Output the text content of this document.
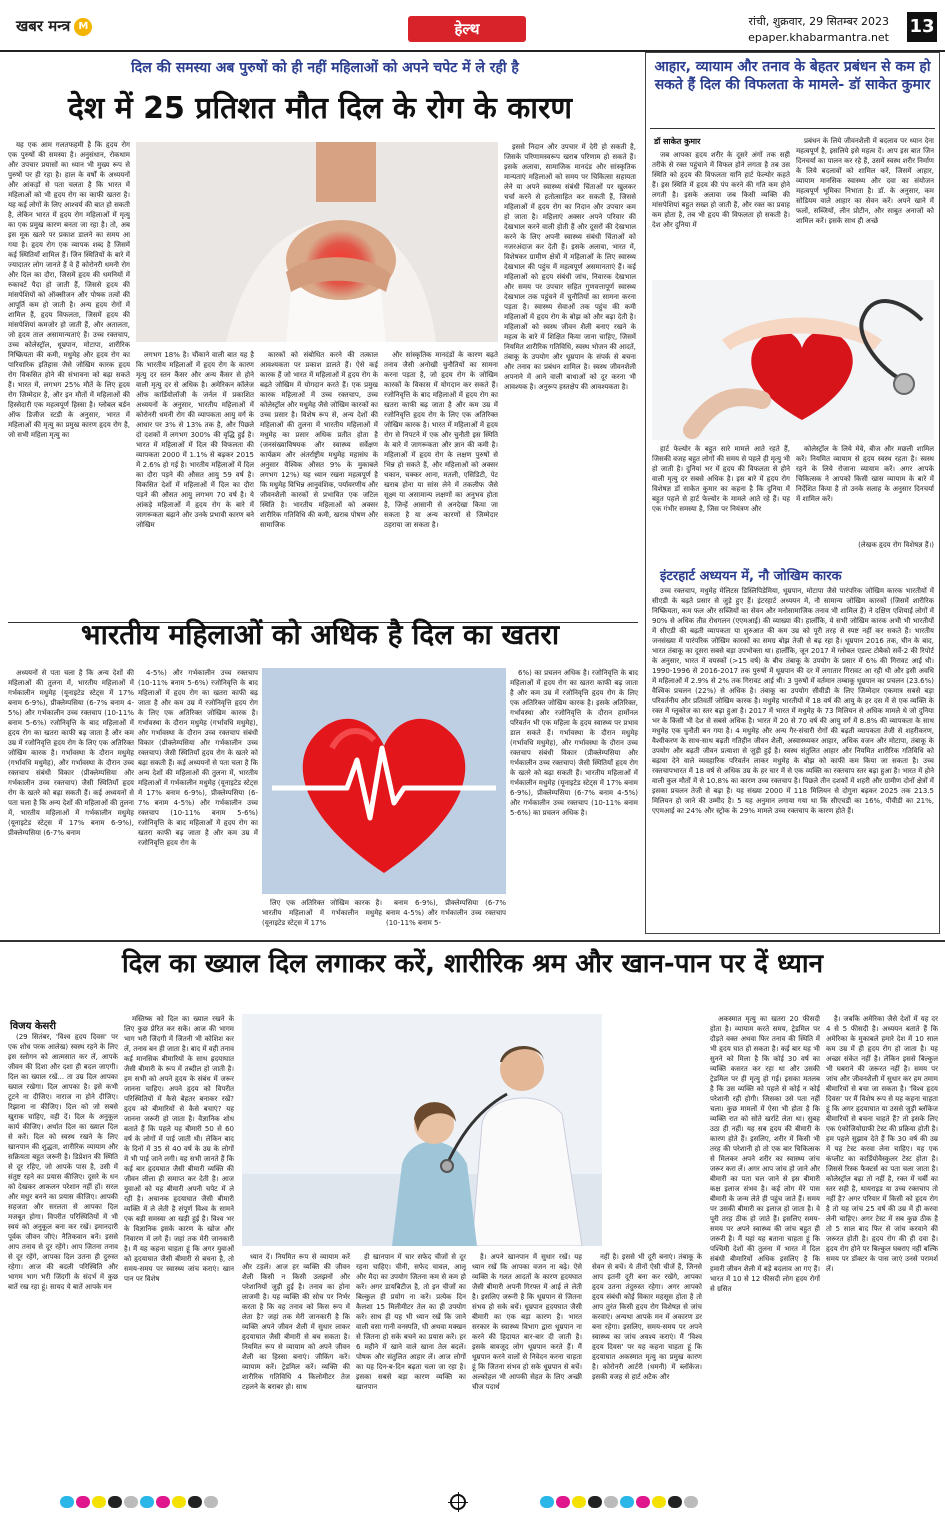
खबर मन्त्र M	हेल्थ	रांची, शुक्रवार, 29 सितम्बर 2023
epaper.khabarmantra.net
13
दिल की समस्या अब पुरुषों को ही नहीं महिलाओं को अपने चपेट में ले रही है
देश में 25 प्रतिशत मौत दिल के रोग के कारण

यह एक आम गलतफहमी है कि हृदय रोग एक पुरुषों की समस्या है। अनुसंधान, रोकथाम और उपचार प्रयासों का ध्यान भी मुख्य रूप से पुरुषों पर ही रहा है। हाल के वर्षों के अध्ययनों और आंकड़ों से पता चलता है कि भारत में महिलाओं को भी हृदय रोग का काफी खतरा है। यह कई लोगों के लिए आश्चर्य की बात हो सकती है, लेकिन भारत में हृदय रोग महिलाओं में मृत्यु का एक प्रमुख कारण बनता जा रहा है। तो, अब इस मूक खतरे पर प्रकाश डालने का समय आ गया है। हृदय रोग एक व्यापक शब्द है जिसमें कई स्थितियाँ शामिल हैं। जिन स्थितियों के बारे में ज्यादातर लोग जानते हैं वे हैं कोरोनरी धमनी रोग और दिल का दौरा, जिसमें हृदय की धमनियों में रुकावटें पैदा हो जाती हैं, जिससे हृदय की मांसपेशियों को ऑक्सीजन और पोषक तत्वों की आपूर्ति कम हो जाती है। अन्य हृदय रोगों में शामिल हैं, हृदय विफलता, जिसमें हृदय की मांसपेशियां कमजोर हो जाती हैं, और अतालता, जो हृदय ताल असामान्यताएं हैं। उच्च रक्तचाप, उच्च कोलेस्ट्रॉल, धूम्रपान, मोटापा, शारीरिक निष्क्रियता की कमी, मधुमेह और हृदय रोग का पारिवारिक इतिहास जैसे जोखिम कारक हृदय रोग विकसित होने की संभावना को बढ़ा सकते हैं। भारत में, लगभग 25% मौतें के लिए हृदय रोग जिम्मेदार है, और इन मौतों में महिलाओं की हिस्सेदारी एक महत्वपूर्ण हिस्सा है। ग्लोबल बर्डन ऑफ डिजीज स्टडी के अनुसार, भारत में महिलाओं की मृत्यु का प्रमुख कारण हृदय रोग है, जो सभी महिला मृत्यु का

लगभग 18% है। चौंकाने वाली बात यह है कि भारतीय महिलाओं में हृदय रोग के कारण मृत्यु दर स्तन कैंसर और अन्य कैंसर से होने वाली मृत्यु दर से अधिक है। अमेरिकन कॉलेज ऑफ कार्डियोलॉजी के जर्नल में प्रकाशित अध्ययनों के अनुसार, भारतीय महिलाओं में कोरोनरी धमनी रोग की व्यापकता आयु वर्ग के आधार पर 3% से 13% तक है, और पिछले दो दशकों में लगभग 300% की वृद्धि हुई है। भारत में महिलाओं में दिल की विफलता की व्यापकता 2000 में 1.1% से बढ़कर 2015 में 2.6% हो गई है। भारतीय महिलाओं में दिल का दौरा पड़ने की औसत आयु 59 वर्ष है। विकसित देशों में महिलाओं में दिल का दौरा पड़ने की औसत आयु लगभग 70 वर्ष है। ये आंकड़े महिलाओं में हृदय रोग के बारे में जागरूकता बढ़ाने और उनके प्रभावी कारण बने जोखिम

कारकों को संबोधित करने की तत्काल आवश्यकता पर प्रकाश डालते हैं। ऐसे कई कारक हैं जो भारत में महिलाओं में हृदय रोग के बढ़ते जोखिम में योगदान करते हैं। एक प्रमुख कारक महिलाओं में उच्च रक्तचाप, उच्च कोलेस्ट्रॉल और मधुमेह जैसे जोखिम कारकों का उच्च प्रसार है। विशेष रूप से, अन्य देशों की महिलाओं की तुलना में भारतीय महिलाओं में मधुमेह का प्रसार अधिक प्रतीत होता है (जनसंख्याविषयक और स्वास्थ्य सर्वेक्षण कार्यक्रम और अंतर्राष्ट्रीय मधुमेह महासंघ के अनुसार वैश्विक औसत 9% के मुकाबले लगभग 12%) यह ध्यान रखना महत्वपूर्ण है कि मधुमेह विभिन्न आनुवंशिक, पर्यावरणीय और जीवनशैली कारकों से प्रभावित एक जटिल स्थिति है। भारतीय महिलाओं को अक्सर शारीरिक गतिविधि की कमी, खराब पोषण और सामाजिक

और सांस्कृतिक मानदंडों के कारण बढ़ते तनाव जैसी अनोखी चुनौतियों का सामना करना पड़ता है, जो हृदय रोग के जोखिम कारकों के विकास में योगदान कर सकते हैं। रजोनिवृत्ति के बाद महिलाओं में हृदय रोग का खतरा काफी बढ़ जाता है और कम उम्र में रजोनिवृत्ति हृदय रोग के लिए एक अतिरिक्त जोखिम कारक है। भारत में महिलाओं में हृदय रोग से निपटने में एक और चुनौती इस स्थिति के बारे में जागरूकता और ज्ञान की कमी है। महिलाओं में हृदय रोग के लक्षण पुरुषों से भिन्न हो सकते हैं, और महिलाओं को अक्सर थकान, चक्कर आना, मतली, एसिडिटी, पेट खराब होना या सांस लेने में तकलीफ जैसे सूक्ष्म या असामान्य लक्षणों का अनुभव होता है, जिन्हें आसानी से अनदेखा किया जा सकता है या अन्य कारणों से जिम्मेदार ठहराया जा सकता है।

इससे निदान और उपचार में देरी हो सकती है, जिसके परिणामस्वरूप खराब परिणाम हो सकते हैं। इसके अलावा, सामाजिक मानदंड और सांस्कृतिक मान्यताएं महिलाओं को समय पर चिकित्सा सहायता लेने या अपने स्वास्थ्य संबंधी चिंताओं पर खुलकर चर्चा करने से हतोत्साहित कर सकती हैं, जिससे महिलाओं में हृदय रोग का निदान और उपचार कम हो जाता है। महिलाएं अक्सर अपने परिवार की देखभाल करने वाली होती हैं और दूसरों की देखभाल करने के लिए अपनी स्वास्थ्य संबंधी चिंताओं को नजरअंदाज कर देती हैं। इसके अलावा, भारत में, विशेषकर ग्रामीण क्षेत्रों में महिलाओं के लिए स्वास्थ्य देखभाल की पहुंच में महत्वपूर्ण असमानताएं हैं। कई महिलाओं को हृदय संबंधी जांच, निवारक देखभाल और समय पर उपचार सहित गुणवत्तापूर्ण स्वास्थ्य देखभाल तक पहुंचने में चुनौतियों का सामना करना पड़ता है। स्वास्थ्य सेवाओं तक पहुंच की कमी महिलाओं में हृदय रोग के बोझ को और बढ़ा देती है। महिलाओं को स्वस्थ जीवन शैली बनाए रखने के महत्व के बारे में शिक्षित किया जाना चाहिए, जिसमें नियमित शारीरिक गतिविधि, स्वस्थ भोजन की आदतें, तंबाकू के उपयोग और धूम्रपान के संपर्क से बचना और तनाव का प्रबंधन शामिल है। स्वस्थ जीवनशैली अपनाने में आने वाली बाधाओं को दूर करना भी आवश्यक है। अनुरूप हस्तक्षेप की आवश्यकता है।

भारतीय महिलाओं को अधिक है दिल का खतरा

अध्ययनों से पता चला है कि अन्य देशों की महिलाओं की तुलना में, भारतीय महिलाओं में गर्भकालीन मधुमेह (यूनाइटेड स्टेट्स में 17% बनाम 6-9%), प्रीक्लेम्पसिया (6-7% बनाम 4-5%) और गर्भकालीन उच्च रक्तचाप (10-11% बनाम 5-6%) रजोनिवृत्ति के बाद महिलाओं में हृदय रोग का खतरा काफी बढ़ जाता है और कम उम्र में रजोनिवृत्ति हृदय रोग के लिए एक अतिरिक्त जोखिम कारक है। गर्भावस्था के दौरान मधुमेह (गर्भावधि मधुमेह), और गर्भावस्था के दौरान उच्च रक्तचाप संबंधी विकार (प्रीक्लेम्पसिया और गर्भकालीन उच्च रक्तचाप) जैसी स्थितियाँ हृदय रोग के खतरे को बढ़ा सकती हैं। कई अध्ययनों से पता चला है कि अन्य देशों की महिलाओं की तुलना में, भारतीय महिलाओं में गर्भकालीन मधुमेह (यूनाइटेड स्टेट्स में 17% बनाम 6-9%), प्रीक्लेम्पसिया (6-7% बनाम

4-5%) और गर्भकालीन उच्च रक्तचाप (10-11% बनाम 5-6%) रजोनिवृत्ति के बाद महिलाओं में हृदय रोग का खतरा काफी बढ़ जाता है और कम उम्र में रजोनिवृत्ति हृदय रोग के लिए एक अतिरिक्त जोखिम कारक है। गर्भावस्था के दौरान मधुमेह (गर्भावधि मधुमेह), और गर्भावस्था के दौरान उच्च रक्तचाप संबंधी विकार (प्रीक्लेम्पसिया और गर्भकालीन उच्च रक्तचाप) जैसी स्थितियाँ हृदय रोग के खतरे को बढ़ा सकती हैं। कई अध्ययनों से पता चला है कि अन्य देशों की महिलाओं की तुलना में, भारतीय महिलाओं में गर्भकालीन मधुमेह (यूनाइटेड स्टेट्स में 17% बनाम 6-9%), प्रीक्लेम्पसिया (6-7% बनाम 4-5%) और गर्भकालीन उच्च रक्तचाप (10-11% बनाम 5-6%) रजोनिवृत्ति के बाद महिलाओं में हृदय रोग का खतरा काफी बढ़ जाता है और कम उम्र में रजोनिवृत्ति हृदय रोग के

लिए एक अतिरिक्त जोखिम कारक है। भारतीय महिलाओं में गर्भकालीन मधुमेह (यूनाइटेड स्टेट्स में 17%

बनाम 6-9%), प्रीक्लेम्पसिया (6-7% बनाम 4-5%) और गर्भकालीन उच्च रक्तचाप (10-11% बनाम 5-

6%) का प्रचलन अधिक है। रजोनिवृत्ति के बाद महिलाओं में हृदय रोग का खतरा काफी बढ़ जाता है और कम उम्र में रजोनिवृत्ति हृदय रोग के लिए एक अतिरिक्त जोखिम कारक है। इसके अतिरिक्त, गर्भावस्था और रजोनिवृत्ति के दौरान हार्मोनल परिवर्तन भी एक महिला के हृदय स्वास्थ्य पर प्रभाव डाल सकते हैं। गर्भावस्था के दौरान मधुमेह (गर्भावधि मधुमेह), और गर्भावस्था के दौरान उच्च रक्तचाप संबंधी विकार (प्रीक्लेम्पसिया और गर्भकालीन उच्च रक्तचाप) जैसी स्थितियाँ हृदय रोग के खतरे को बढ़ा सकती हैं। भारतीय महिलाओं में गर्भकालीन मधुमेह (यूनाइटेड स्टेट्स में 17% बनाम 6-9%), प्रीक्लेम्पसिया (6-7% बनाम 4-5%) और गर्भकालीन उच्च रक्तचाप (10-11% बनाम 5-6%) का प्रचलन अधिक है।

आहार, व्यायाम और तनाव के बेहतर प्रबंधन से कम हो सकते हैं दिल की विफलता के मामले- डॉ साकेत कुमार
डॉ साकेत कुमार

जब आपका हृदय शरीर के दूसरे अंगों तक सही तरीके से रक्त पहुंचाने में विफल होने लगता है तब उस स्थिति को हृदय की विफलता यानि हार्ट फेल्योर कहते हैं। इस स्थिति में हृदय की पंप करने की गति कम होने लगती है। इसके अलावा जब किसी व्यक्ति की मांसपेशियां बहुत सख्त हो जाती हैं, और रक्त का प्रवाह कम होता है, तब भी हृदय की विफलता हो सकती है। देश और दुनिया में

प्रबंधन के लिये जीवनशैली में बदलाव पर ध्यान देना महत्वपूर्ण है, इसलिये इसे महत्व दें। आप इस बात जिन दिनचर्या का पालन कर रहे हैं, उसमें स्वस्थ शरीर निर्माण के लिये बदलावों को शामिल करें, जिसमें आहार, व्यायाम मानसिक स्वास्थ्य और दवा का संयोजन महत्वपूर्ण भूमिका निभाता है। डॉ. के अनुसार, कम सोडियम वाले आहार का सेवन करें। अपने खाने में फलों, सब्जियों, लीन प्रोटीन, और साबुत अनाजों को शामिल करें। इसके साथ ही अच्छे

हार्ट फेल्योर के बहुत सारे मामले आते रहते हैं, जिसकी वजह बहुत लोगों की समय से पहले ही मृत्यु भी हो जाती है। दुनियां भर में हृदय की विफलता से होने वाली मृत्यु दर सबसे अधिक है। इस बारे में हृदय रोग विशेषज्ञ डॉ साकेत कुमार का कहना है कि दुनिया में बहुत पहले से हार्ट फेल्योर के मामले आते रहे हैं। यह एक गंभीर समस्या है, जिस पर नियंत्रण और

कोलेस्ट्रॉल के लिये मेवे, बीज और मछली शामिल करें। नियमित व्यायाम से हृदय स्वस्थ रहता है। स्वस्थ रहने के लिये रोजाना व्यायाम करें। अगर आपके चिकित्सक ने आपको किसी खास व्यायाम के बारे में निर्देशित किया है तो उनके सलाह के अनुसार दिनचर्या में शामिल करें।

(लेखक हृदय रोग विशेषज्ञ हैं।)
इंटरहार्ट अध्ययन में, नौ जोखिम कारक

उच्च रक्तचाप, मधुमेह मेलिटस डिस्लिपिडेमिया, धूम्रपान, मोटापा जैसे पारंपरिक जोखिम कारक भारतीयों में सीएडी के बढ़ते प्रसार से जुड़े हुए हैं। इंटरहार्ट अध्ययन में, नौ सामान्य जोखिम कारकों (जिसमें शारीरिक निष्क्रियता, कम फल और सब्जियों का सेवन और मनोसामाजिक तनाव भी शामिल हैं) ने दक्षिण एशियाई लोगों में 90% से अधिक तीव्र रोधगलन (एएमआई) की व्याख्या की। हालाँकि, ये सभी जोखिम कारक अभी भी भारतीयों में सीएडी की बढ़ती व्यापकता या शुरुआत की कम उम्र को पूरी तरह से स्पष्ट नहीं कर सकते हैं। भारतीय जनसंख्या में पारंपरिक जोखिम कारकों का समग्र बोझ तेजी से बढ़ रहा है। धूम्रपान 2016 तक, चीन के बाद, भारत तंबाकू का दूसरा सबसे बड़ा उपभोक्ता था। हालाँकि, जून 2017 में ग्लोबल एडल्ट टोबैको सर्वे-2 की रिपोर्ट के अनुसार, भारत में वयस्कों (>15 वर्ष) के बीच तंबाकू के उपयोग के प्रसार में 6% की गिरावट आई थी। 1990-1996 से 2016-2017 तक पुरुषों में धूम्रपान की दर में लगातार गिरावट आ रही थी और इसी अवधि में महिलाओं में 2.9% से 2% तक गिरावट आई थी। 3 पुरुषों में वर्तमान तम्बाकू धूम्रपान का प्रचलन (23.6%) वैश्विक प्रचलन (22%) से अधिक है। तंबाकू का उपयोग सीवीडी के लिए जिम्मेदार एकमात्र सबसे बड़ा परिवर्तनीय और प्रतिवर्ती जोखिम कारक है। मधुमेह भारतीयों में 18 वर्ष की आयु के हर दस में से एक व्यक्ति के रक्त में ग्लूकोज का स्तर बढ़ा हुआ है। 2017 में भारत में मधुमेह के 73 मिलियन से अधिक मामले थे जो दुनिया भर के किसी भी देश से सबसे अधिक है। भारत में 20 से 70 वर्ष की आयु वर्ग में 8.8% की व्यापकता के साथ मधुमेह एक चुनौती बन गया है। 4 मधुमेह और अन्य गैर-संचारी रोगों की बढ़ती व्यापकता तेजी से शहरीकरण, वैश्वीकरण के साथ-साथ बढ़ती गतिहीन जीवन शैली, अस्वास्थ्यकर आहार, अधिक वजन और मोटापा, तंबाकू के उपयोग और बढ़ती जीवन प्रत्याशा से जुड़ी हुई है। स्वस्थ संतुलित आहार और नियमित शारीरिक गतिविधि को बढ़ावा देने वाले व्यवहारिक परिवर्तन लाकर मधुमेह के बोझ को काफी कम किया जा सकता है। उच्च रक्तचापभारत में 18 वर्ष से अधिक उम्र के हर चार में से एक व्यक्ति का रक्तचाप स्तर बढ़ा हुआ है। भारत में होने वाली कुल मौतों में से 10.8% का कारण उच्च रक्तचाप है। पिछले तीन दशकों में शहरी और ग्रामीण दोनों क्षेत्रों में इसका प्रचलन तेजी से बढ़ा है। यह संख्या 2000 में 118 मिलियन से दोगुना बढ़कर 2025 तक 213.5 मिलियन हो जाने की उम्मीद है। 5 यह अनुमान लगाया गया था कि सीएचडी का 16%, पीवीडी का 21%, एएमआई का 24% और स्ट्रोक के 29% मामले उच्च रक्तचाप के कारण होते हैं।

दिल का ख्याल दिल लगाकर करें, शारीरिक श्रम और खान-पान पर दें ध्यान
विजय केसरी

(29 सितंबर, 'विश्व हृदय दिवस' पर एक शोध परक आलेख) स्वस्थ रहने के लिए इस स्लोगन को आत्मसात कर लें, आपके जीवन की दिशा और दशा ही बदल जाएगी। दिल का ख्याल रखें... ता उम्र दिल आपका ख्याल रखेगा। दिल आपका है। इसे कभी टूटने ना दीजिए। नाराज ना होने दीजिए। रिझाना ना कीजिए। दिल को जो सबसे खुराक चाहिए, वही दें। दिल के अनुकूल कार्य कीजिए। अर्थात दिल का ख्याल दिल से करें। दिल को स्वस्थ रखने के लिए खानपान की शुद्धता, शारीरिक व्यायाम और सक्रियता बहुत जरूरी है। डिप्रेशन की स्थिति से दूर रहिए, जो आपके पास है, उसी में संतुष्ट रहने का प्रयास कीजिए। दूसरे के धन को देखकर आकलन परेशान नहीं हों। सरल और मधुर बनने का प्रयास कीजिए। आपकी सहजता और सरलता से आपका दिल मजबूत होगा। विपरीत परिस्थितियों में भी स्वयं को अनुकूल बना कर रखें। इमानदारी पूर्वक जीवन जीएं। नैतिकवान बनें। इससे आप तनाव से दूर रहेंगे। आप जितना तनाव से दूर रहेंगे, आपका दिल उतना ही दुरुस्त रहेगा। आज की बदली परिस्थिति और भागम भाग भरी जिंदगी के संदर्भ में कुछ बातें रख रहा हूं। सायद ये बातें आपके मन

मस्तिष्क को दिल का ख्याल रखने के लिए कुछ प्रेरित कर सकें। आज की भागम भाग भरी जिंदगी में जितनी भी कोशिश कर लें, तनाव बन ही जाता है। बाद में वही तनाव कई मानसिक बीमारियों के साथ ह्रदयाघात जैसी बीमारी के रूप में तब्दील हो जाती है। हम सभी को अपने हृदय के संबंध में जरूर जानना चाहिए। अपने हृदय को विपरीत परिस्थितियों में कैसे बेहतर बनाकर रखें? हृदय को बीमारियों से कैसे बचाएं? यह जानना जरूरी हो जाता है। वैज्ञानिक शोध बताते हैं कि पहले यह बीमारी 50 से 60 वर्ष के लोगों में पाई जाती थी। लेकिन बाद के दिनों में 35 से 40 वर्ष के उम्र के लोगों में भी पाई जाने लगी। यह सभी जानते हैं कि कई बार हृदयघात जैसी बीमारी व्यक्ति की जीवन लीला ही समाप्त कर देती है। आज युवाओं को यह बीमारी अपनी चपेट में ले रही है। अचानक हृदयाघात जैसी बीमारी व्यक्ति में ले लेती है संपूर्ण विश्व के सामने एक बड़ी समस्या आ खड़ी हुई है। विश्व भर के विज्ञानिक इसके कारण के खोज और निवारण में लगे हैं। जहां तक मेरी जानकारी है। मैं यह कहना चाहता हूं कि अगर युवाओं को हृदयाघात जैसी बीमारी से बचना है, तो समय-समय पर स्वास्थ्य जांच कराएं। खान पान पर विशेष

ध्यान दें। नियमित रूप से व्यायाम करें और टहलें। आज हर व्यक्ति की जीवन शैली किसी न किसी उलझनों और परेशानियों जुड़ी हुई है। तनाव का होना लाजमी है। यह व्यक्ति की सोच पर निर्भर करता है कि वह तनाव को किस रूप में लेता है? जहां तक मेरी जानकारी है कि व्यक्ति अपने जीवन शैली में सुधार लाकर हृदयाघात जैसी बीमारी से बच सकता है। नियमित रूप से व्यायाम को अपने जीवन शैली का हिस्सा बनाएं। जीकिंग करें। व्यायाम करें। ट्रेडमिल करें। व्यक्ति की शारीरिक गतिविधि 4 किलोमीटर तेज टहलने के बराबर हो। साथ

ही खानपान में चार सफेद चीजों से दूर रहना चाहिए। चीनी, सफेद चावल, आलू और मैदा का उपयोग जितना कम से कम हो करें। अगर डायबिटीज है, तो इन चीजों का बिल्कुल ही प्रयोग ना करें। प्रत्येक दिन कैलशा 15 मिलीमीटर तेल का ही उपयोग करें। साथ ही यह भी ध्यान रखें कि जाने वाली वसा गानी वनस्पति, घी अथवा मक्खन से जितना हो सके बचने का प्रयास करें। हर 6 महीने में खाने वाले खाना तेल बदलें। पोषक और संतुलित आहार लें। आज लोगों का यह दिन-ब-दिन बढ़ता चला जा रहा है। इसका सबसे बड़ा कारण व्यक्ति का खानपान

है। अपने खानपान में सुधार रखें। यह ध्यान रखें कि आपका वजन ना बढ़े। ऐसे व्यक्ति के गलत आदतों के कारण हृदयघात जैसी बीमारी अपनी गिरफ्त में आई ले लेती है। इसलिए जरूरी है कि धूम्रपान से जितना संभव हो सके बचें। धूम्रपान हृदयघात जैसी बीमारी का एक बड़ा कारण है। भारत सरकार के स्वास्थ्य विभाग द्वारा धूम्रपान ना करने की हिदायत बार-बार दी जाती है। इसके बावजूद लोग धूम्रपान करते हैं। मैं धूम्रपान करने वालों से निवेदन करना चाहता हूं कि जितना संभव हो सके धूम्रपान से बचें। अल्कोहल भी आपकी सेहत के लिए अच्छी चीज पदार्थ

नहीं है। इससे भी दूरी बनाएं। तंबाकू के सेवन से बचें। ये तीनों ऐसी चीजें हैं, जिनसे आप इतनी दूरी बना कर रखेंगे, आपका हृदय उतना तंदुरुस्त रहेगा। अगर आपको हृदय संबंधी कोई विकार महसूस होता है तो आप तुरंत किसी हृदय रोग विशेषज्ञ से जांच करवाएं। अन्यथा आपके मन में अकारण डर बना रहेगा। इसलिए, समय-समय पर अपने स्वास्थ्य का जांच अवश्य कराएं। मैं 'विश्व हृदय दिवस' पर यह कहना चाहता हूं कि हृदयाघात अकस्मात मृत्यु का प्रमुख कारण है। कोरोनरी आर्टरी (धमनी) में ब्लॉकेज। इसकी वजह से हार्ट अटैक और

अकस्मात मृत्यु का खतरा 20 फीसदी होता है। व्यायाम करते समय, ट्रेडमिल पर दौड़ते वक्त अथवा फिर तनाव की स्थिति में भी हृदय घात हो सकता है। कई बार यह भी सुनने को मिला है कि कोई 30 वर्ष का व्यक्ति कसरत कर रहा था और उसकी ट्रेडमिल पर ही मृत्यु हो गई। इसका मतलब है कि उस व्यक्ति को पहले से कोई न कोई परेशानी रही होगी। जिसका उसे पता नहीं चला। कुछ मामलों में ऐसा भी होता है कि व्यक्ति रात को सोते खर्राटे लेता था। सुबह उठा ही नहीं। यह सब हृदय की बीमारी के कारण होते हैं। इसलिए, शरीर में किसी भी तरह की परेशानी हो तो एक बार चिकित्सक से मिलकर अपने शरीर का स्वास्थ्य जांच जरूर करा लें। अगर आप जांच हो जाने और बीमारी का पता चल जाने से इस बीमारी कक्ष इलाज संभव है। कई लोग मेरे पास बीमारी के जन्म लेते ही पहुंच जाते हैं। समय पर उसकी बीमारी का इलाज हो जाता है। वे पूरी तरह ठीक हो जाते हैं। इसलिए समय-समय पर अपने स्वास्थ्य की जांच बहुत ही जरूरी है। मैं यहां यह बताना चाहता हूं कि पश्चिमी देशों की तुलना में भारत में दिल संबंधी बीमारियों अधिक इसलिए है कि हमारी जीवन शैली में बड़े बदलाव आ गए हैं। भारत में 10 से 12 फीसदी लोग हृदय रोगों से ग्रसित

है। जबकि अमेरिका जैसे देशों में यह दर 4 से 5 फीसदी है। अध्ययन बताते हैं कि अमेरिका के मुकाबले हमारे देश में 10 साल कम उम्र में ही हृदय रोग हो जाता है। यह अच्छा संकेत नहीं है। लेकिन इससे बिल्कुल भी घबराने की जरूरत नहीं है। समय पर जांच और जीवनशैली में सुधार कर हम तमाम बीमारियों से बचा जा सकता है। 'विश्व हृदय दिवस' पर मैं विशेष रूप से यह कहना चाहता हूं कि अगर हृदयाघात या उससे जुड़ी ब्लॉकेज बीमारियों से बचना चाहते हैं? तो इसके लिए एक एंकोजियोग्राफी टेस्ट की प्रक्रिया होती है। हम पहले सुझाव देते हैं कि 30 वर्ष की उम्र में यह टेस्ट करवा लेना चाहिए। यह एक कंप्लीट का कार्डियोवैस्कुलर टेस्ट होता है। जिससे रिस्क फैक्टर्स का पता चला जाता है। कोलेस्ट्रॉल बढ़ा तो नहीं है, रक्त में चर्बी का स्तर सही है, थायराइड या उच्च रक्तचाप तो नहीं है? अगर परिवार में किसी को हृदय रोग है तो यह जांच 25 वर्ष की उम्र में ही करवा लेनी चाहिए। अगर टेस्ट में सब कुछ ठीक है तो 5 साल बाद फिर से जांच करवाने की जरूरत होती है। हृदय रोग की ही दवा है। हृदय रोग होने पर बिल्कुल घबराए नहीं बल्कि समय पर डॉक्टर के पास जाएं उनसे परामर्श लें।
